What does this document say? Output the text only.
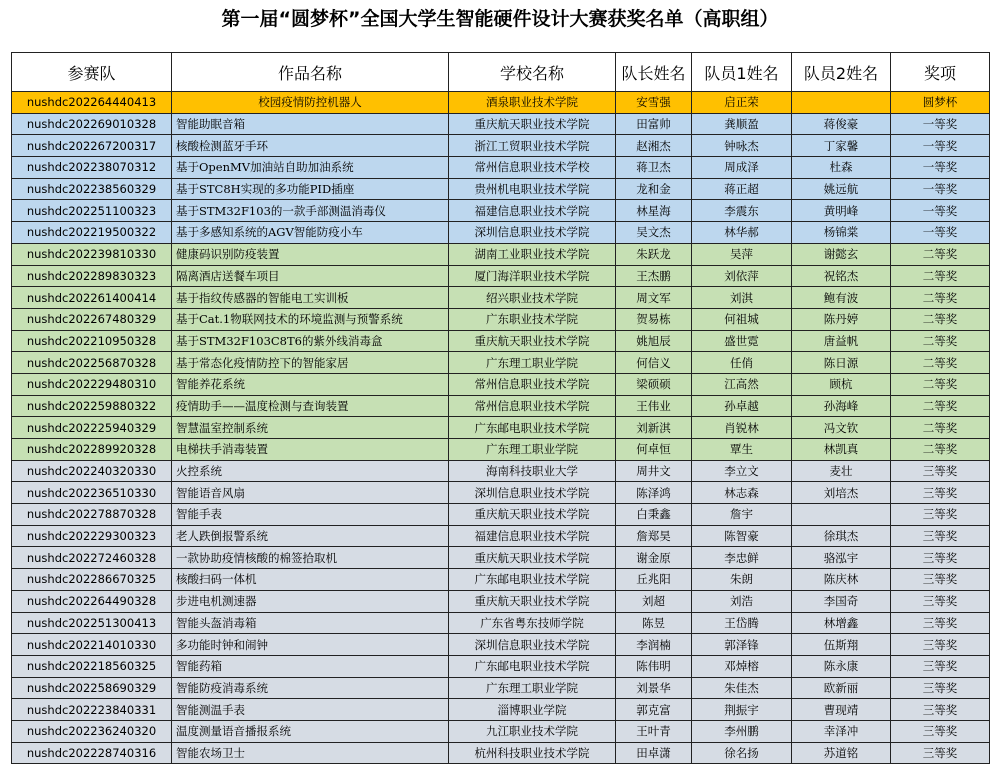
第一届“圆梦杯”全国大学生智能硬件设计大赛获奖名单（高职组）
参赛队	作品名称	学校名称	队长姓名	队员1姓名	队员2姓名	奖项
nushdc202264440413	校园疫情防控机器人	酒泉职业技术学院	安雪强	启正荣		圆梦杯
nushdc202269010328	智能助眠音箱	重庆航天职业技术学院	田富帅	龚顺盈	蒋俊豪	一等奖
nushdc202267200317	核酸检测蓝牙手环	浙江工贸职业技术学院	赵湘杰	钟咏杰	丁家馨	一等奖
nushdc202238070312	基于OpenMV加油站自助加油系统	常州信息职业技术学校	蒋卫杰	周成泽	杜森	一等奖
nushdc202238560329	基于STC8H实现的多功能PID插座	贵州机电职业技术学院	龙和金	蒋正超	姚远航	一等奖
nushdc202251100323	基于STM32F103的一款手部测温消毒仪	福建信息职业技术学院	林星海	李震东	黄明峰	一等奖
nushdc202219500322	基于多感知系统的AGV智能防疫小车	深圳信息职业技术学院	吴文杰	林华郝	杨锦棠	一等奖
nushdc202239810330	健康码识别防疫装置	湖南工业职业技术学院	朱跃龙	吴萍	谢懿玄	二等奖
nushdc202289830323	隔离酒店送餐车项目	厦门海洋职业技术学院	王杰鹏	刘依萍	祝铭杰	二等奖
nushdc202261400414	基于指纹传感器的智能电工实训板	绍兴职业技术学院	周文军	刘淇	鲍有波	二等奖
nushdc202267480329	基于Cat.1物联网技术的环境监测与预警系统	广东职业技术学院	贺易栋	何祖城	陈丹婷	二等奖
nushdc202210950328	基于STM32F103C8T6的紫外线消毒盒	重庆航天职业技术学院	姚旭辰	盛世霓	唐益帆	二等奖
nushdc202256870328	基于常态化疫情防控下的智能家居	广东理工职业学院	何信义	任俏	陈日源	二等奖
nushdc202229480310	智能养花系统	常州信息职业技术学院	梁硕硕	江高然	顾杭	二等奖
nushdc202259880322	疫情助手——温度检测与查询装置	常州信息职业技术学院	王伟业	孙卓越	孙海峰	二等奖
nushdc202225940329	智慧温室控制系统	广东邮电职业技术学院	刘新淇	肖锐林	冯文钦	二等奖
nushdc202289920328	电梯扶手消毒装置	广东理工职业学院	何卓恒	覃生	林凯真	二等奖
nushdc202240320330	火控系统	海南科技职业大学	周井文	李立文	麦壮	三等奖
nushdc202236510330	智能语音风扇	深圳信息职业技术学院	陈泽鸿	林志森	刘培杰	三等奖
nushdc202278870328	智能手表	重庆航天职业技术学院	白秉鑫	詹宇		三等奖
nushdc202229300323	老人跌倒报警系统	福建信息职业技术学院	詹郑昊	陈智豪	徐琪杰	三等奖
nushdc202272460328	一款协助疫情核酸的棉签拾取机	重庆航天职业技术学院	谢金原	李忠鲜	骆泓宇	三等奖
nushdc202286670325	核酸扫码一体机	广东邮电职业技术学院	丘兆阳	朱朗	陈庆林	三等奖
nushdc202264490328	步进电机测速器	重庆航天职业技术学院	刘超	刘浩	李国奇	三等奖
nushdc202251300413	智能头盔消毒箱	广东省粤东技师学院	陈昱	王岱腾	林增鑫	三等奖
nushdc202214010330	多功能时钟和闹钟	深圳信息职业技术学院	李润楠	郭泽锋	伍斯翔	三等奖
nushdc202218560325	智能药箱	广东邮电职业技术学院	陈伟明	邓焯榕	陈永康	三等奖
nushdc202258690329	智能防疫消毒系统	广东理工职业学院	刘景华	朱佳杰	欧新丽	三等奖
nushdc202223840331	智能测温手表	淄博职业学院	郭克富	荆振宇	曹现靖	三等奖
nushdc202236240320	温度测量语音播报系统	九江职业技术学院	王叶青	李州鹏	幸泽冲	三等奖
nushdc202228740316	智能农场卫士	杭州科技职业技术学院	田卓潇	徐名扬	苏道铭	三等奖
